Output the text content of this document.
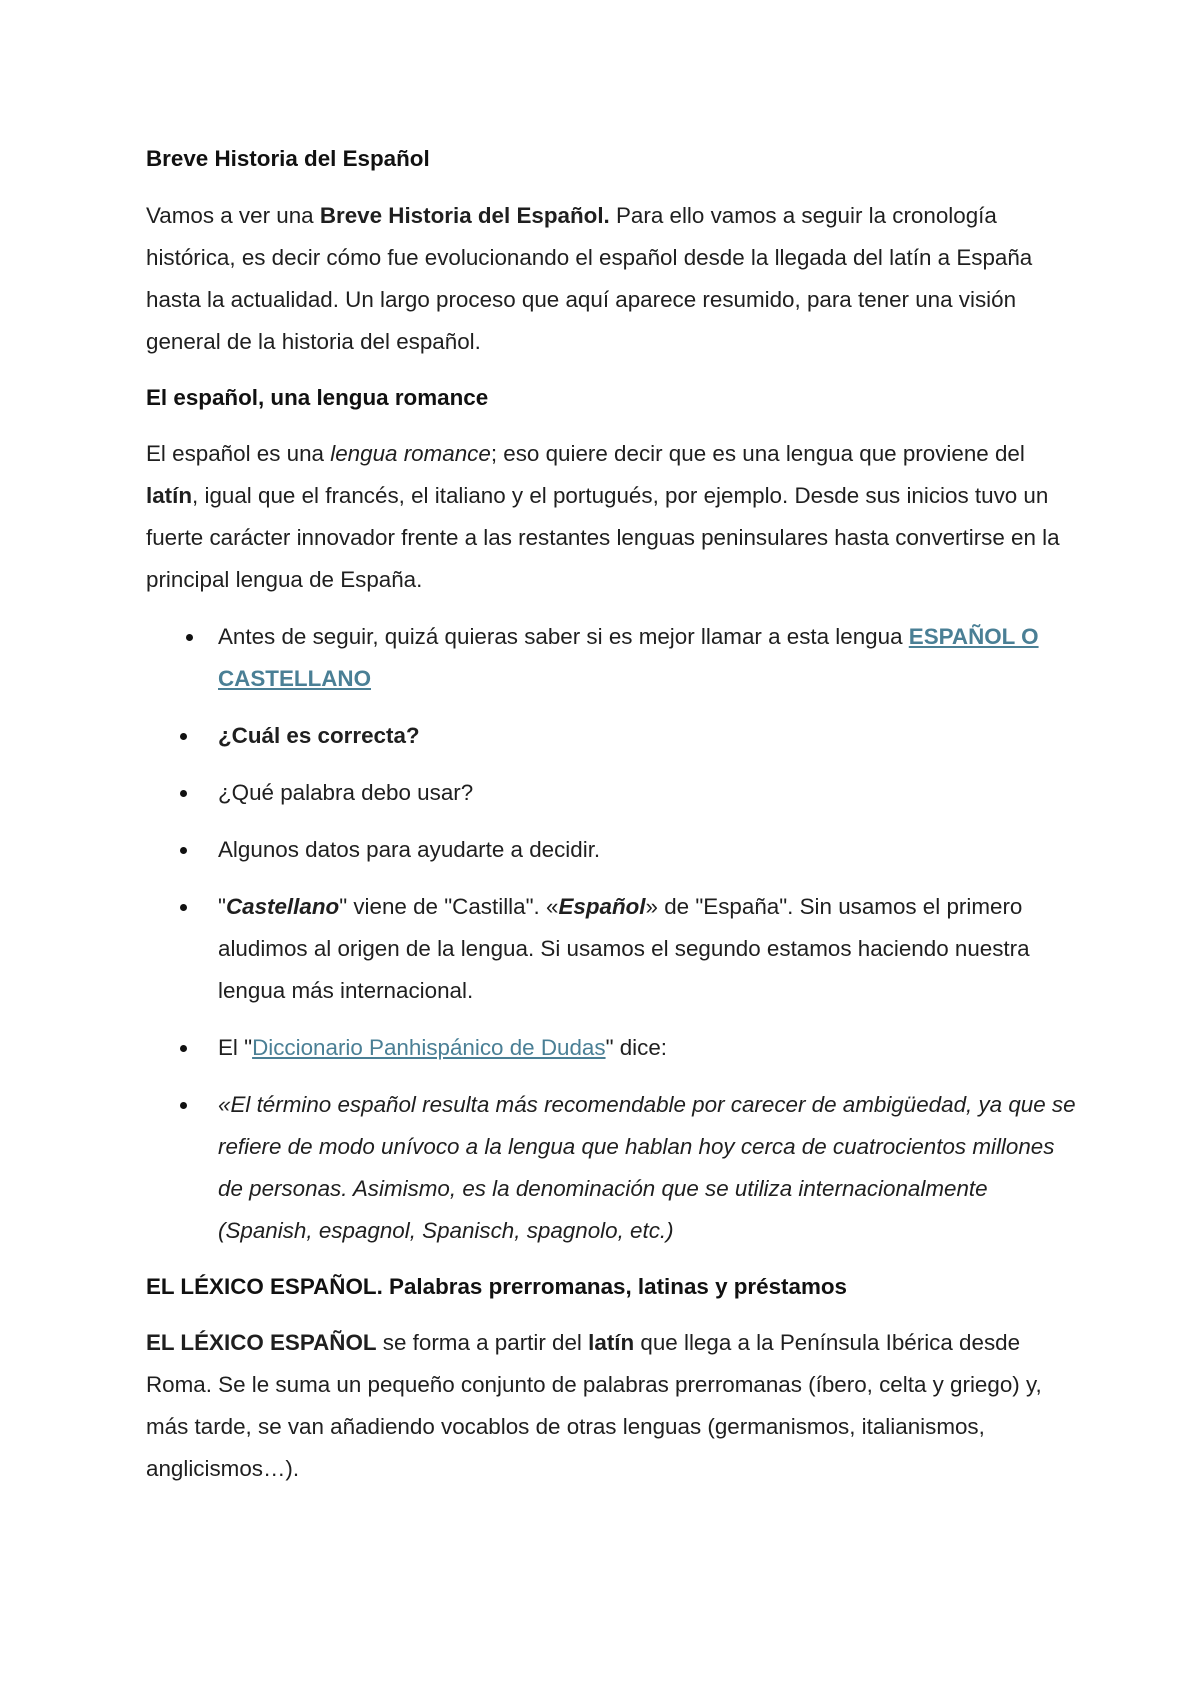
Breve Historia del Español

Vamos a ver una Breve Historia del Español. Para ello vamos a seguir la cronología histórica, es decir cómo fue evolucionando el español desde la llegada del latín a España hasta la actualidad. Un largo proceso que aquí aparece resumido, para tener una visión general de la historia del español.

El español, una lengua romance

El español es una lengua romance; eso quiere decir que es una lengua que proviene del latín, igual que el francés, el italiano y el portugués, por ejemplo. Desde sus inicios tuvo un fuerte carácter innovador frente a las restantes lenguas peninsulares hasta convertirse en la principal lengua de España.

Antes de seguir, quizá quieras saber si es mejor llamar a esta lengua ESPAÑOL O CASTELLANO
¿Cuál es correcta?
¿Qué palabra debo usar?
Algunos datos para ayudarte a decidir.
"Castellano" viene de "Castilla". «Español» de "España". Sin usamos el primero aludimos al origen de la lengua. Si usamos el segundo estamos haciendo nuestra lengua más internacional.
El "Diccionario Panhispánico de Dudas" dice:
«El término español resulta más recomendable por carecer de ambigüedad, ya que se refiere de modo unívoco a la lengua que hablan hoy cerca de cuatrocientos millones de personas. Asimismo, es la denominación que se utiliza internacionalmente (Spanish, espagnol, Spanisch, spagnolo, etc.)
EL LÉXICO ESPAÑOL. Palabras prerromanas, latinas y préstamos

EL LÉXICO ESPAÑOL se forma a partir del latín que llega a la Península Ibérica desde Roma. Se le suma un pequeño conjunto de palabras prerromanas (íbero, celta y griego) y, más tarde, se van añadiendo vocablos de otras lenguas (germanismos, italianismos, anglicismos…).
